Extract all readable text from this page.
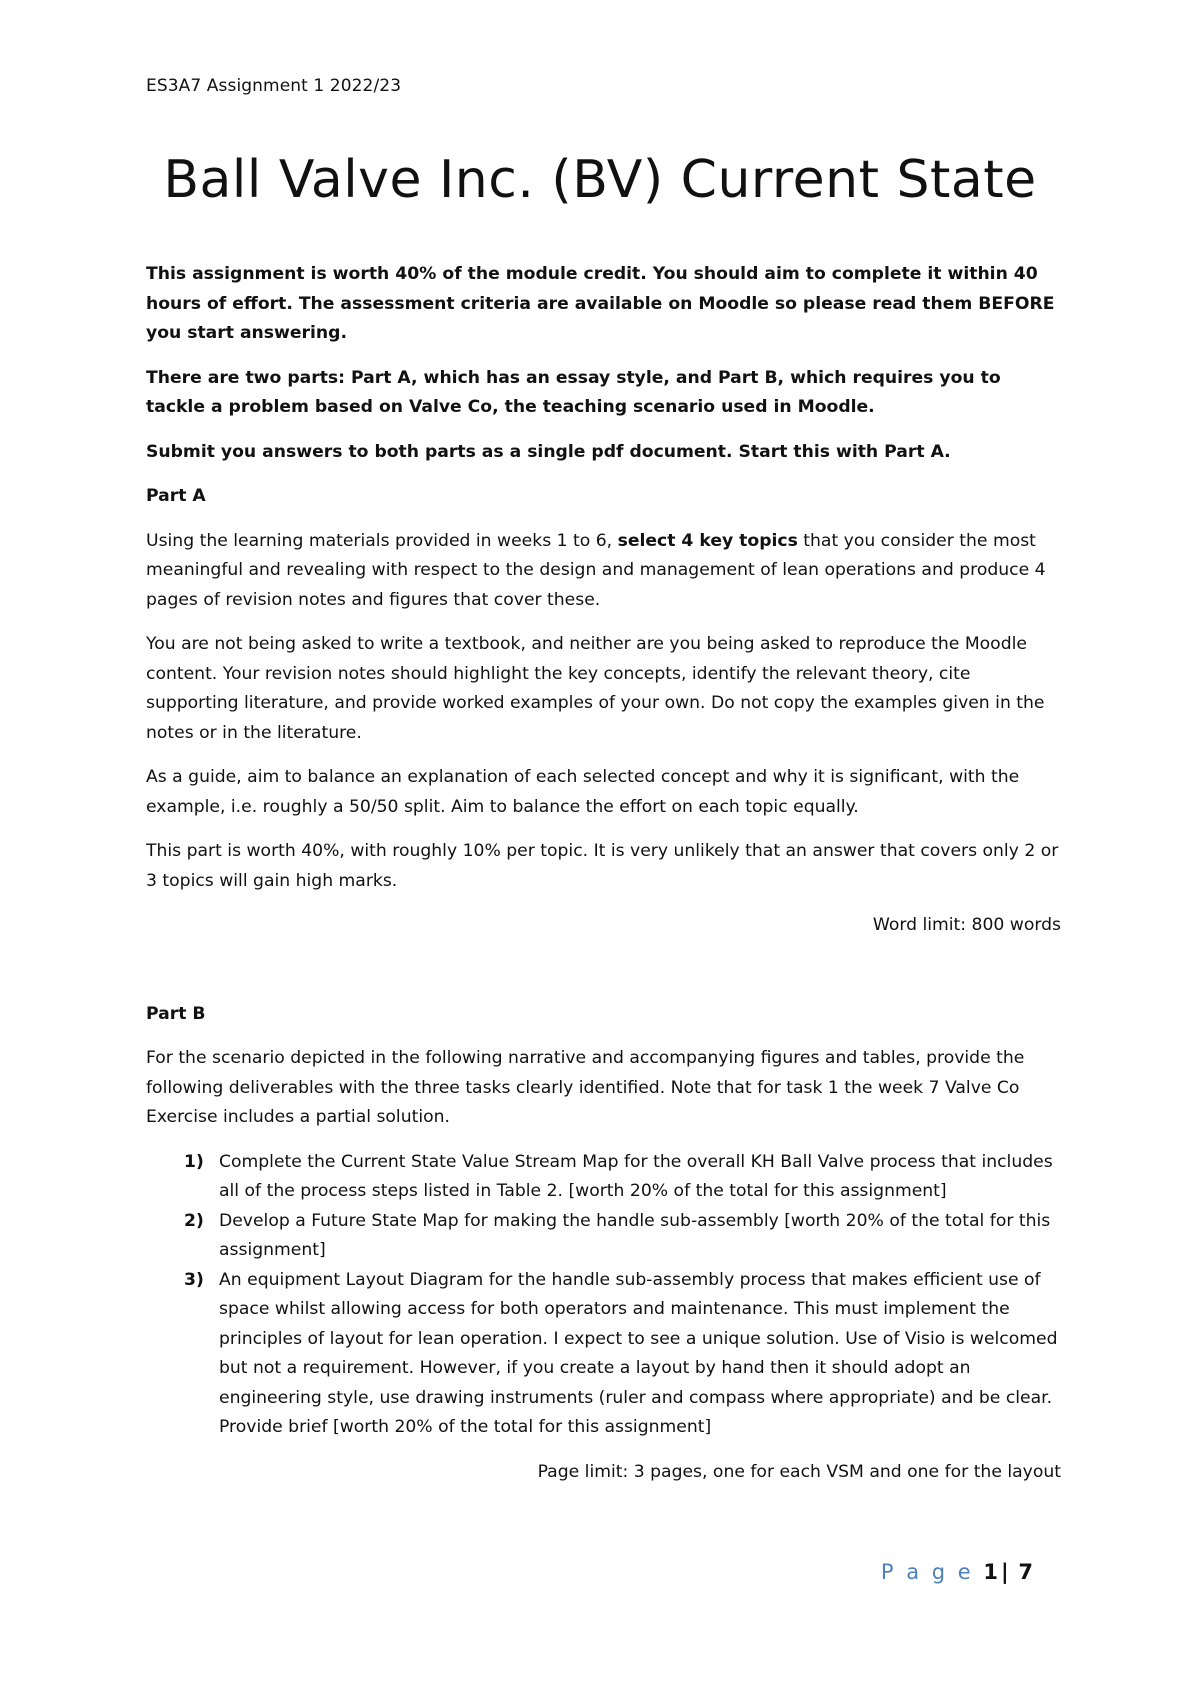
ES3A7 Assignment 1 2022/23
Ball Valve Inc. (BV) Current State

This assignment is worth 40% of the module credit. You should aim to complete it within 40 hours of effort. The assessment criteria are available on Moodle so please read them BEFORE you start answering.

There are two parts: Part A, which has an essay style, and Part B, which requires you to tackle a problem based on Valve Co, the teaching scenario used in Moodle.

Submit you answers to both parts as a single pdf document. Start this with Part A.

Part A

Using the learning materials provided in weeks 1 to 6, select 4 key topics that you consider the most meaningful and revealing with respect to the design and management of lean operations and produce 4 pages of revision notes and figures that cover these.

You are not being asked to write a textbook, and neither are you being asked to reproduce the Moodle content. Your revision notes should highlight the key concepts, identify the relevant theory, cite supporting literature, and provide worked examples of your own. Do not copy the examples given in the notes or in the literature.

As a guide, aim to balance an explanation of each selected concept and why it is significant, with the example, i.e. roughly a 50/50 split. Aim to balance the effort on each topic equally.

This part is worth 40%, with roughly 10% per topic. It is very unlikely that an answer that covers only 2 or 3 topics will gain high marks.

Word limit: 800 words

Part B

For the scenario depicted in the following narrative and accompanying figures and tables, provide the following deliverables with the three tasks clearly identified. Note that for task 1 the week 7 Valve Co Exercise includes a partial solution.

1) Complete the Current State Value Stream Map for the overall KH Ball Valve process that includes all of the process steps listed in Table 2. [worth 20% of the total for this assignment]
2) Develop a Future State Map for making the handle sub-assembly [worth 20% of the total for this assignment]
3) An equipment Layout Diagram for the handle sub-assembly process that makes efficient use of space whilst allowing access for both operators and maintenance. This must implement the principles of layout for lean operation. I expect to see a unique solution. Use of Visio is welcomed but not a requirement. However, if you create a layout by hand then it should adopt an engineering style, use drawing instruments (ruler and compass where appropriate) and be clear. Provide brief [worth 20% of the total for this assignment]

Page limit: 3 pages, one for each VSM and one for the layout

P a g e 1| 7
